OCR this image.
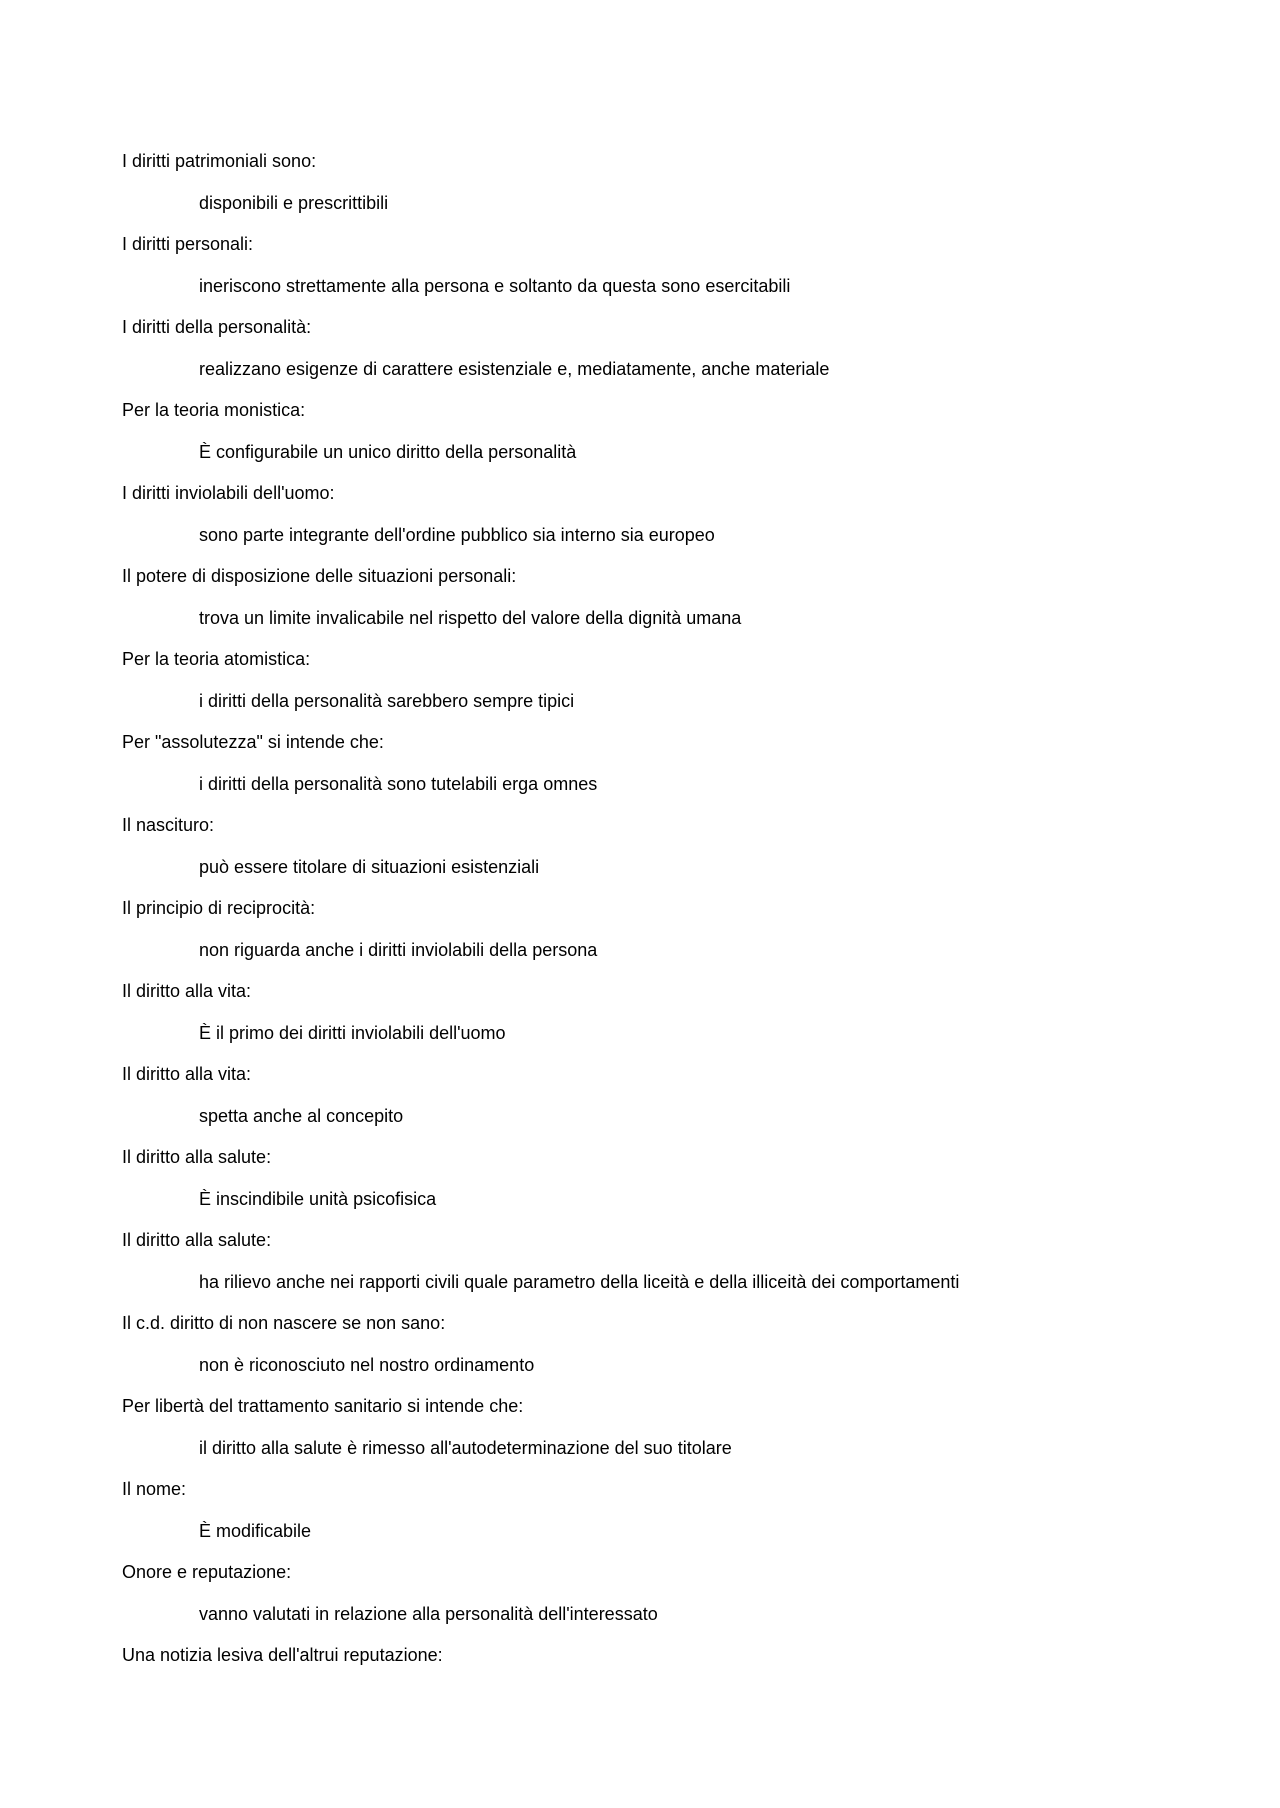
I diritti patrimoniali sono:
disponibili e prescrittibili
I diritti personali:
ineriscono strettamente alla persona e soltanto da questa sono esercitabili
I diritti della personalità:
realizzano esigenze di carattere esistenziale e, mediatamente, anche materiale
Per la teoria monistica:
È configurabile un unico diritto della personalità
I diritti inviolabili dell'uomo:
sono parte integrante dell'ordine pubblico sia interno sia europeo
Il potere di disposizione delle situazioni personali:
trova un limite invalicabile nel rispetto del valore della dignità umana
Per la teoria atomistica:
i diritti della personalità sarebbero sempre tipici
Per "assolutezza" si intende che:
i diritti della personalità sono tutelabili erga omnes
Il nascituro:
può essere titolare di situazioni esistenziali
Il principio di reciprocità:
non riguarda anche i diritti inviolabili della persona
Il diritto alla vita:
È il primo dei diritti inviolabili dell'uomo
Il diritto alla vita:
spetta anche al concepito
Il diritto alla salute:
È inscindibile unità psicofisica
Il diritto alla salute:
ha rilievo anche nei rapporti civili quale parametro della liceità e della illiceità dei comportamenti
Il c.d. diritto di non nascere se non sano:
non è riconosciuto nel nostro ordinamento
Per libertà del trattamento sanitario si intende che:
il diritto alla salute è rimesso all'autodeterminazione del suo titolare
Il nome:
È modificabile
Onore e reputazione:
vanno valutati in relazione alla personalità dell'interessato
Una notizia lesiva dell'altrui reputazione:
